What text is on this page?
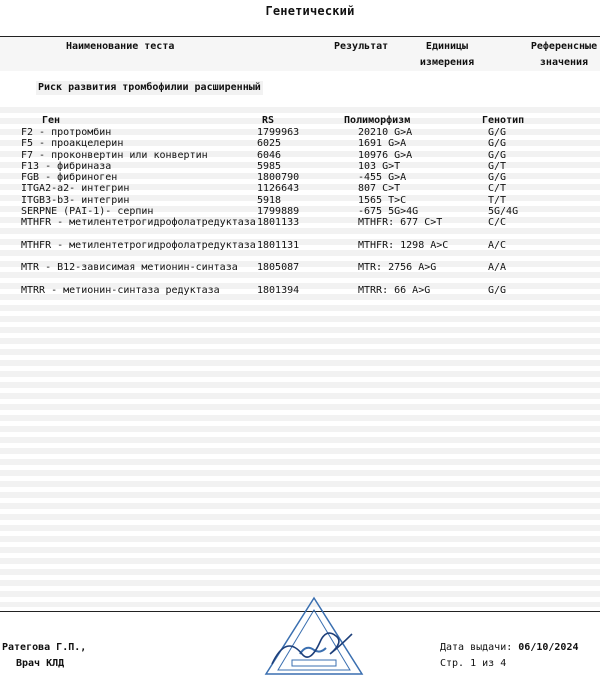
Генетический
Наименование теста	Результат	Единицы
измерения
Референсные
значения
Риск развития тромбофилии расширенный
Ген	RS	Полиморфизм	Генотип
F2 - протромбин	1799963	20210 G>A	G/G
F5 - проакцелерин	6025	1691 G>A	G/G
F7 - проконвертин или конвертин	6046	10976 G>A	G/G
F13 - фибриназа	5985	103 G>T	G/T
FGB - фибриноген	1800790	-455 G>A	G/G
ITGA2-a2- интегрин	1126643	807 C>T	C/T
ITGB3-b3- интегрин	5918	1565 T>C	T/T
SERPNE (PAI-1)- серпин	1799889	-675 5G>4G	5G/4G
MTHFR - метилентетрогидрофолатредуктаза 1801133	MTHFR: 677 C>T	C/C
MTHFR - метилентетрогидрофолатредуктаза 1801131	MTHFR: 1298 A>C	A/C
MTR - B12-зависимая метионин-синтаза	1805087	MTR: 2756 A>G	A/A
MTRR - метионин-синтаза редуктаза	1801394	MTRR: 66 A>G	G/G
Ратегова Г.П.,
Врач КЛД
Дата выдачи: 06/10/2024
Стр. 1 из 4
